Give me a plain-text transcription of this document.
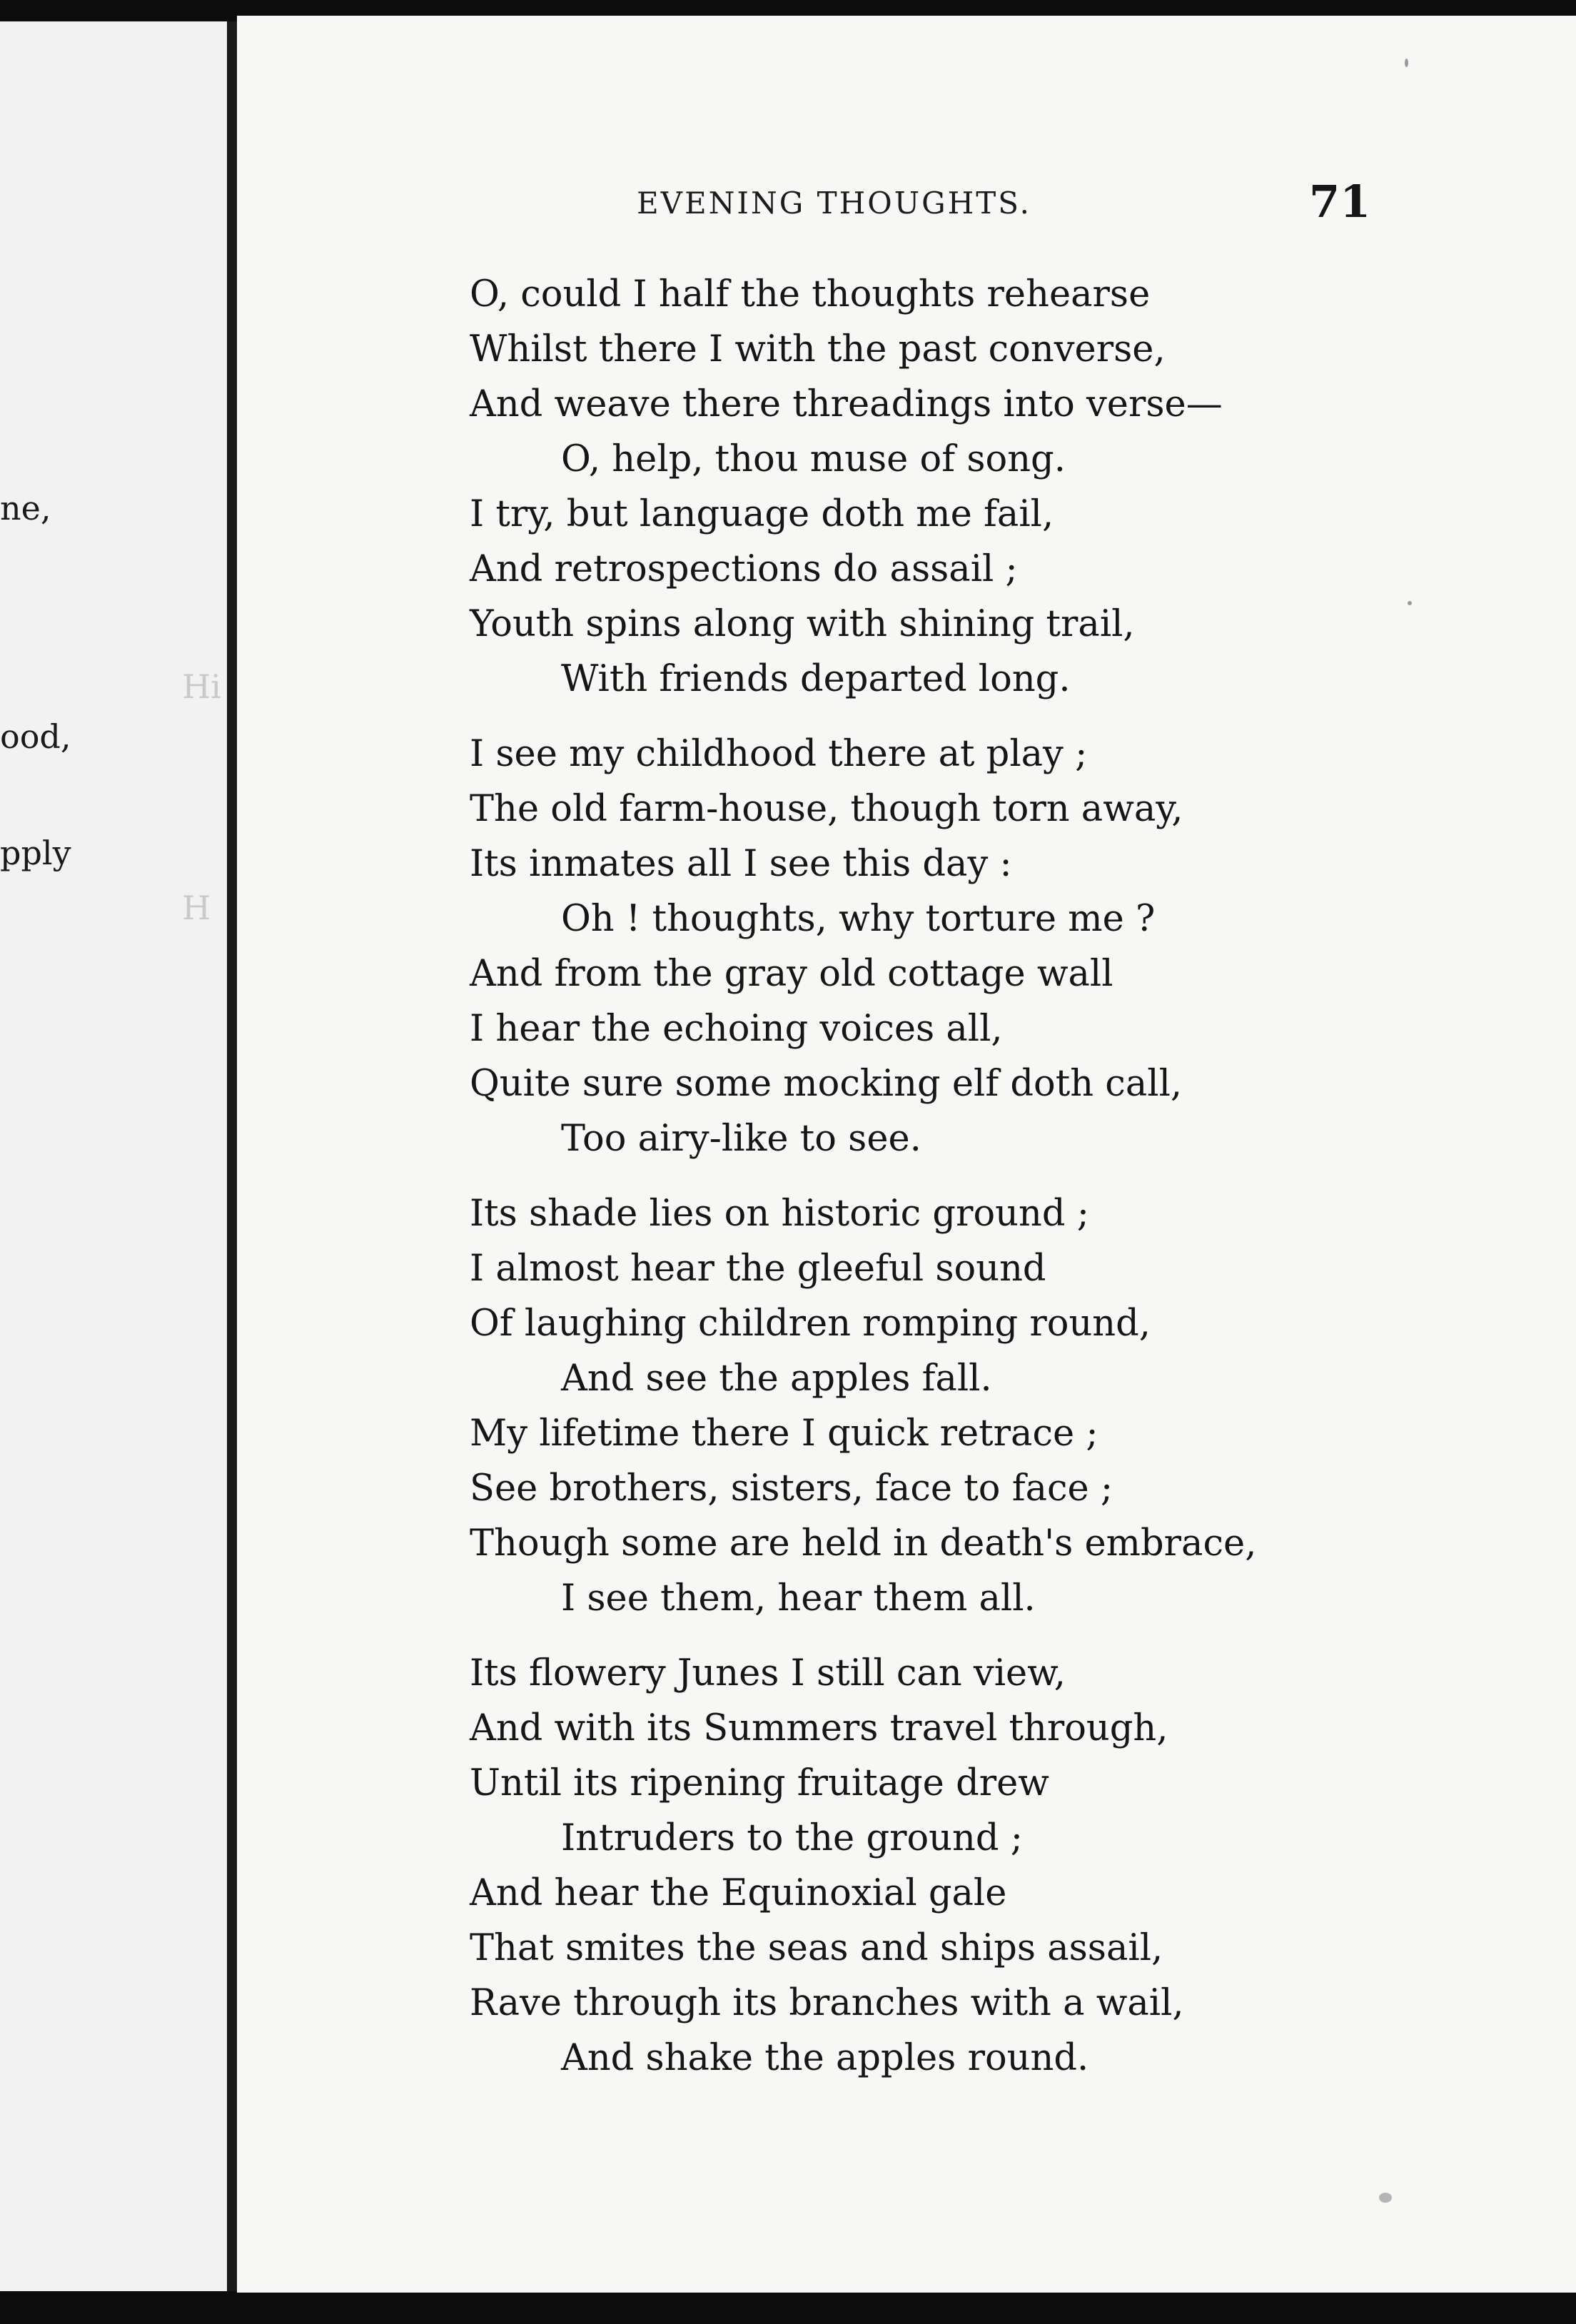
ne,
ood,
pply
H
Hi
EVENING THOUGHTS.	71
O, could I half the thoughts rehearse
Whilst there I with the past converse,
And weave there threadings into verse—
O, help, thou muse of song.
I try, but language doth me fail,
And retrospections do assail ;
Youth spins along with shining trail,
With friends departed long.
I see my childhood there at play ;
The old farm-house, though torn away,
Its inmates all I see this day :
Oh ! thoughts, why torture me ?
And from the gray old cottage wall
I hear the echoing voices all,
Quite sure some mocking elf doth call,
Too airy-like to see.
Its shade lies on historic ground ;
I almost hear the gleeful sound
Of laughing children romping round,
And see the apples fall.
My lifetime there I quick retrace ;
See brothers, sisters, face to face ;
Though some are held in death's embrace,
I see them, hear them all.
Its flowery Junes I still can view,
And with its Summers travel through,
Until its ripening fruitage drew
Intruders to the ground ;
And hear the Equinoxial gale
That smites the seas and ships assail,
Rave through its branches with a wail,
And shake the apples round.
